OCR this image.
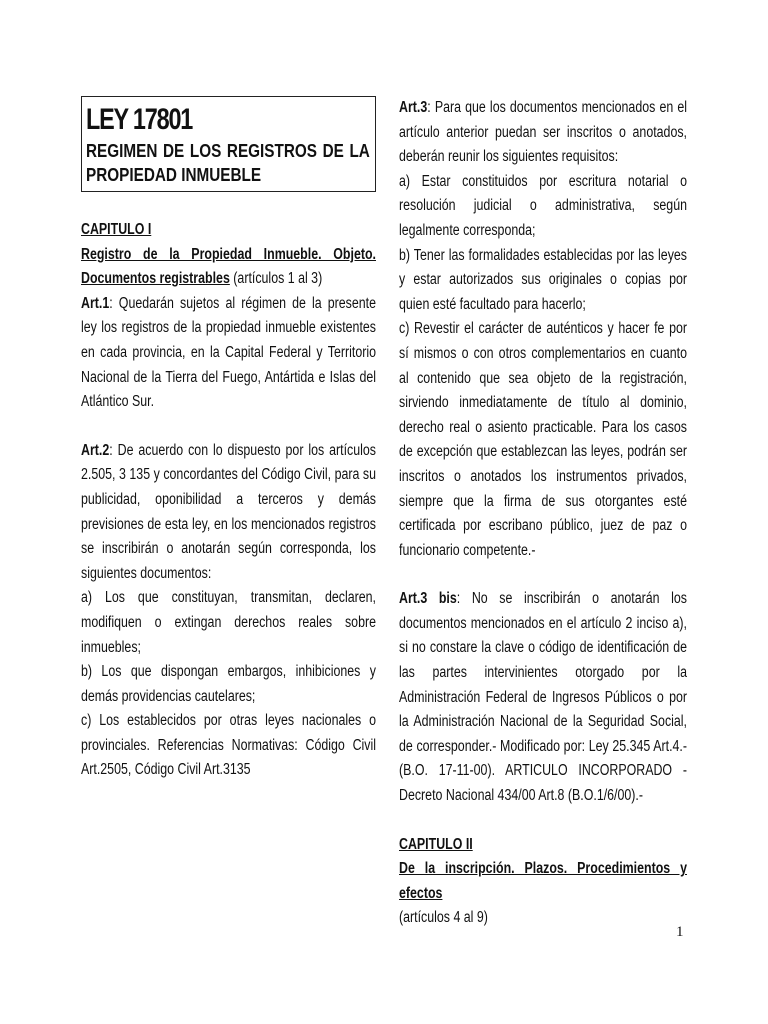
LEY 17801
REGIMEN DE LOS REGISTROS DE LA PROPIEDAD INMUEBLE

CAPITULO I

Registro de la Propiedad Inmueble. Objeto. Documentos registrables (artículos 1 al 3)

Art.1: Quedarán sujetos al régimen de la presente ley los registros de la propiedad inmueble existentes en cada provincia, en la Capital Federal y Territorio Nacional de la Tierra del Fuego, Antártida e Islas del Atlántico Sur.

Art.2: De acuerdo con lo dispuesto por los artículos 2.505, 3 135 y concordantes del Código Civil, para su publicidad, oponibilidad a terceros y demás previsiones de esta ley, en los mencionados registros se inscribirán o anotarán según corresponda, los siguientes documentos:

a) Los que constituyan, transmitan, declaren, modifiquen o extingan derechos reales sobre inmuebles;

b) Los que dispongan embargos, inhibiciones y demás providencias cautelares;

c) Los establecidos por otras leyes nacionales o provinciales. Referencias Normativas: Código Civil Art.2505, Código Civil Art.3135

Art.3: Para que los documentos mencionados en el artículo anterior puedan ser inscritos o anotados, deberán reunir los siguientes requisitos:

a) Estar constituidos por escritura notarial o resolución judicial o administrativa, según legalmente corresponda;

b) Tener las formalidades establecidas por las leyes y estar autorizados sus originales o copias por quien esté facultado para hacerlo;

c) Revestir el carácter de auténticos y hacer fe por sí mismos o con otros complementarios en cuanto al contenido que sea objeto de la registración, sirviendo inmediatamente de título al dominio, derecho real o asiento practicable. Para los casos de excepción que establezcan las leyes, podrán ser inscritos o anotados los instrumentos privados, siempre que la firma de sus otorgantes esté certificada por escribano público, juez de paz o funcionario competente.-

Art.3 bis: No se inscribirán o anotarán los documentos mencionados en el artículo 2 inciso a), si no constare la clave o código de identificación de las partes intervinientes otorgado por la Administración Federal de Ingresos Públicos o por la Administración Nacional de la Seguridad Social, de corresponder.- Modificado por: Ley 25.345 Art.4.- (B.O. 17-11-00). ARTICULO INCORPORADO - Decreto Nacional 434/00 Art.8 (B.O.1/6/00).-

CAPITULO II

De la inscripción. Plazos. Procedimientos y efectos

(artículos 4 al 9)

1
